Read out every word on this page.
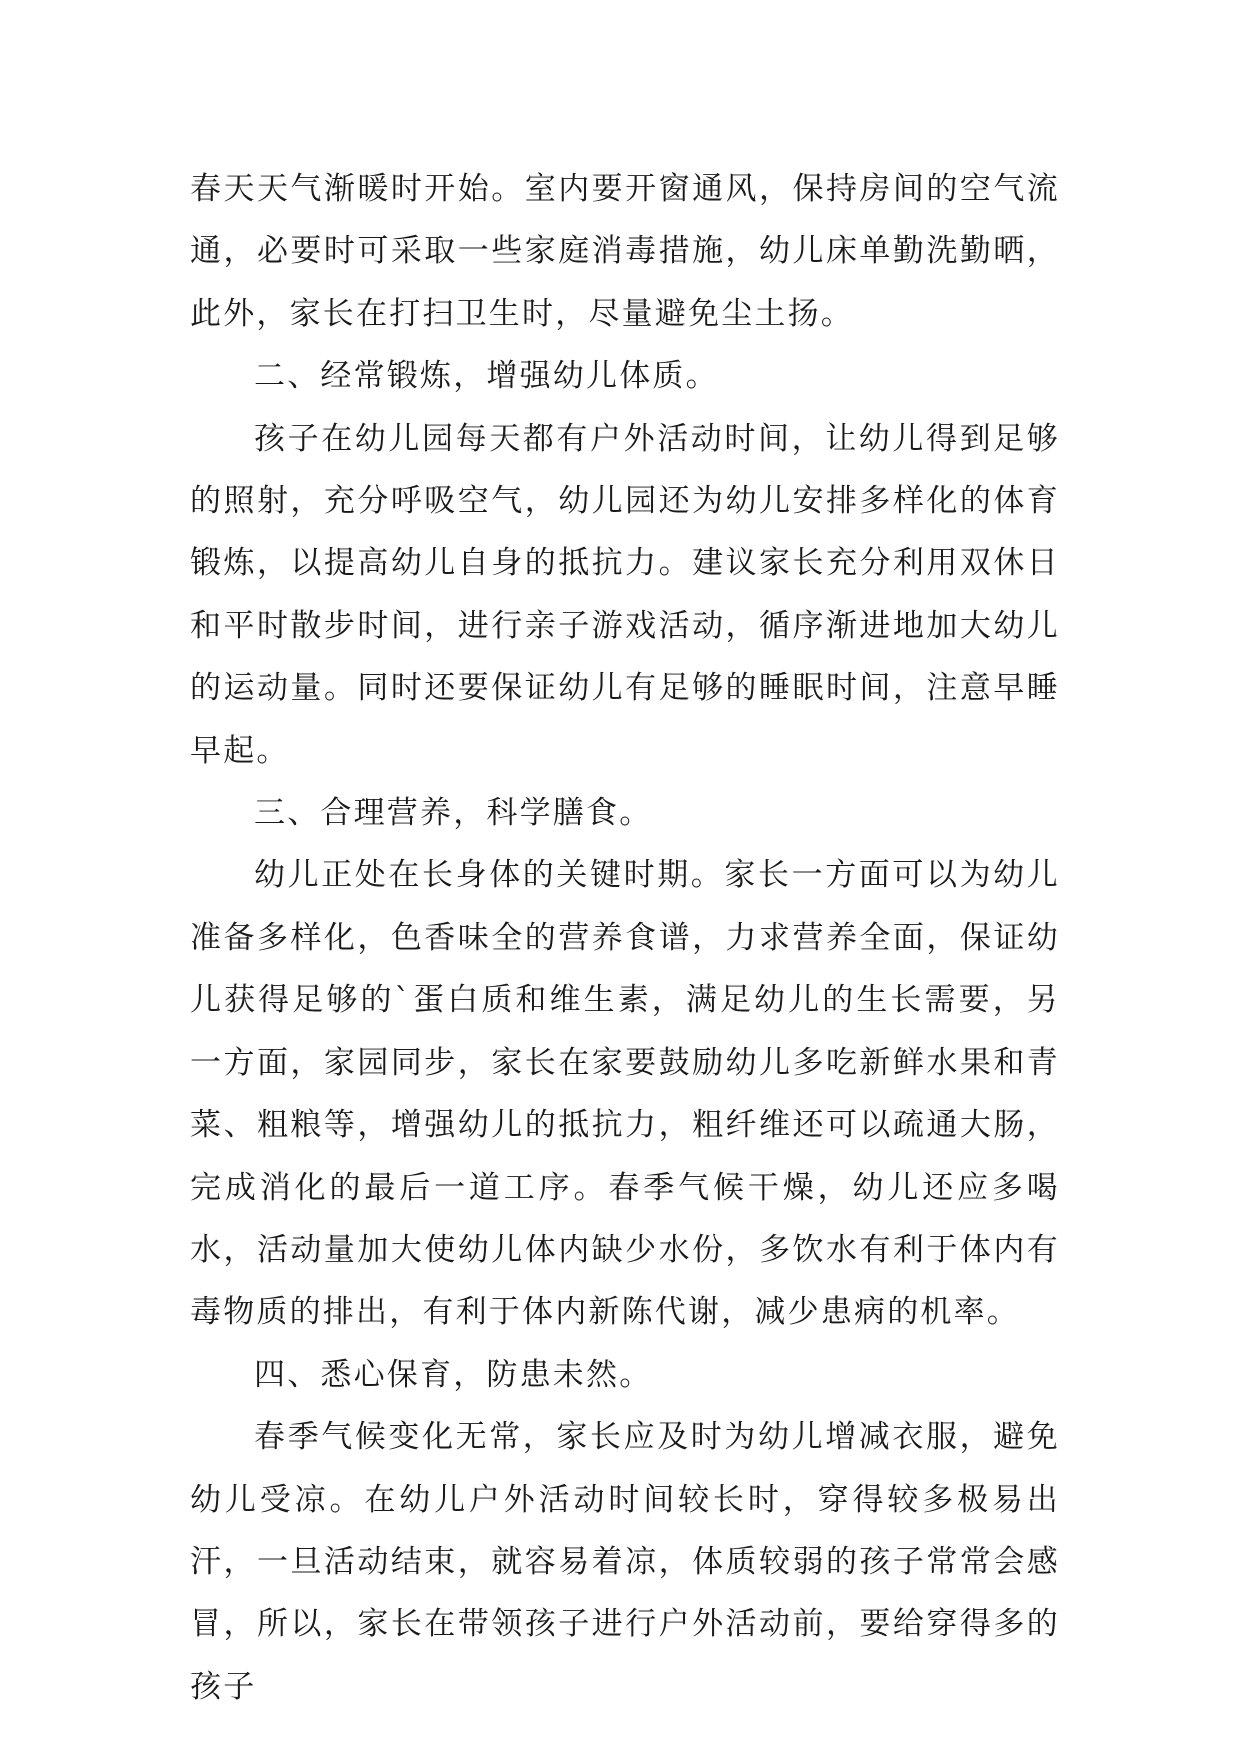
春天天气渐暖时开始。室内要开窗通风，保持房间的空气流通，必要时可采取一些家庭消毒措施，幼儿床单勤洗勤晒，此外，家长在打扫卫生时，尽量避免尘土扬。

二、经常锻炼，增强幼儿体质。

孩子在幼儿园每天都有户外活动时间，让幼儿得到足够的照射，充分呼吸空气，幼儿园还为幼儿安排多样化的体育锻炼，以提高幼儿自身的抵抗力。建议家长充分利用双休日和平时散步时间，进行亲子游戏活动，循序渐进地加大幼儿的运动量。同时还要保证幼儿有足够的睡眠时间，注意早睡早起。

三、合理营养，科学膳食。

幼儿正处在长身体的关键时期。家长一方面可以为幼儿准备多样化，色香味全的营养食谱，力求营养全面，保证幼儿获得足够的`蛋白质和维生素，满足幼儿的生长需要，另一方面，家园同步，家长在家要鼓励幼儿多吃新鲜水果和青菜、粗粮等，增强幼儿的抵抗力，粗纤维还可以疏通大肠，完成消化的最后一道工序。春季气候干燥，幼儿还应多喝水，活动量加大使幼儿体内缺少水份，多饮水有利于体内有毒物质的排出，有利于体内新陈代谢，减少患病的机率。

四、悉心保育，防患未然。

春季气候变化无常，家长应及时为幼儿增减衣服，避免幼儿受凉。在幼儿户外活动时间较长时，穿得较多极易出汗，一旦活动结束，就容易着凉，体质较弱的孩子常常会感冒，所以，家长在带领孩子进行户外活动前，要给穿得多的孩子
